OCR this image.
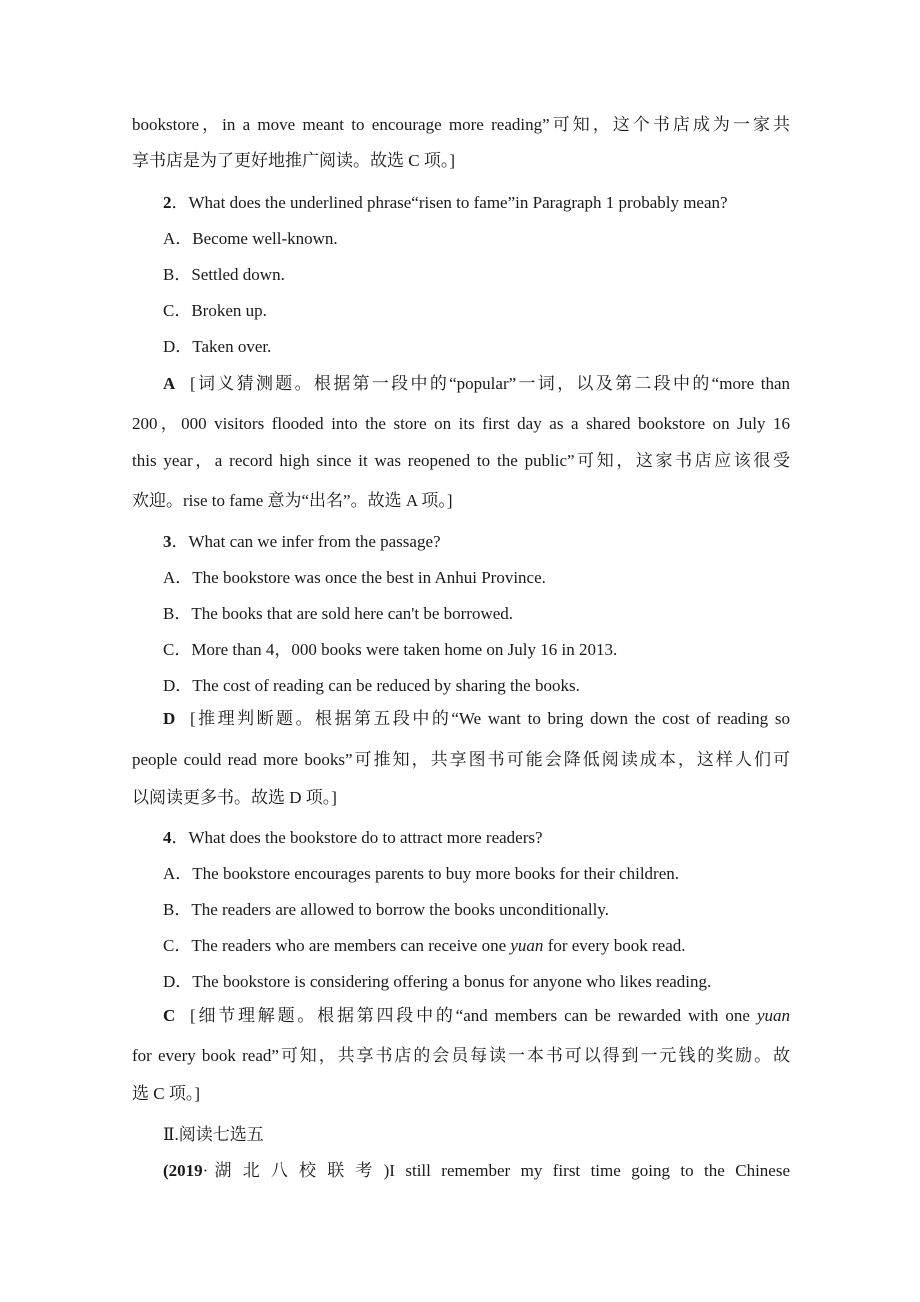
bookstore，in a move meant to encourage more reading”可知，这个书店成为一家共
享书店是为了更好地推广阅读。故选 C 项。]
2．What does the underlined phrase“risen to fame”in Paragraph 1 probably mean?
A．Become well-known.
B．Settled down.
C．Broken up.
D．Taken over.
A [词义猜测题。根据第一段中的“popular”一词，以及第二段中的“more than
200，000 visitors flooded into the store on its first day as a shared bookstore on July 16
this year，a record high since it was reopened to the public”可知，这家书店应该很受
欢迎。rise to fame 意为“出名”。故选 A 项。]
3．What can we infer from the passage?
A．The bookstore was once the best in Anhui Province.
B．The books that are sold here can't be borrowed.
C．More than 4，000 books were taken home on July 16 in 2013.
D．The cost of reading can be reduced by sharing the books.
D [推理判断题。根据第五段中的“We want to bring down the cost of reading so
people could read more books”可推知，共享图书可能会降低阅读成本，这样人们可
以阅读更多书。故选 D 项。]
4．What does the bookstore do to attract more readers?
A．The bookstore encourages parents to buy more books for their children.
B．The readers are allowed to borrow the books unconditionally.
C．The readers who are members can receive one yuan for every book read.
D．The bookstore is considering offering a bonus for anyone who likes reading.
C [细节理解题。根据第四段中的“and members can be rewarded with one yuan
for every book read”可知，共享书店的会员每读一本书可以得到一元钱的奖励。故
选 C 项。]
Ⅱ.阅读七选五
(2019·湖北八校联考)I still remember my first time going to the Chinese
